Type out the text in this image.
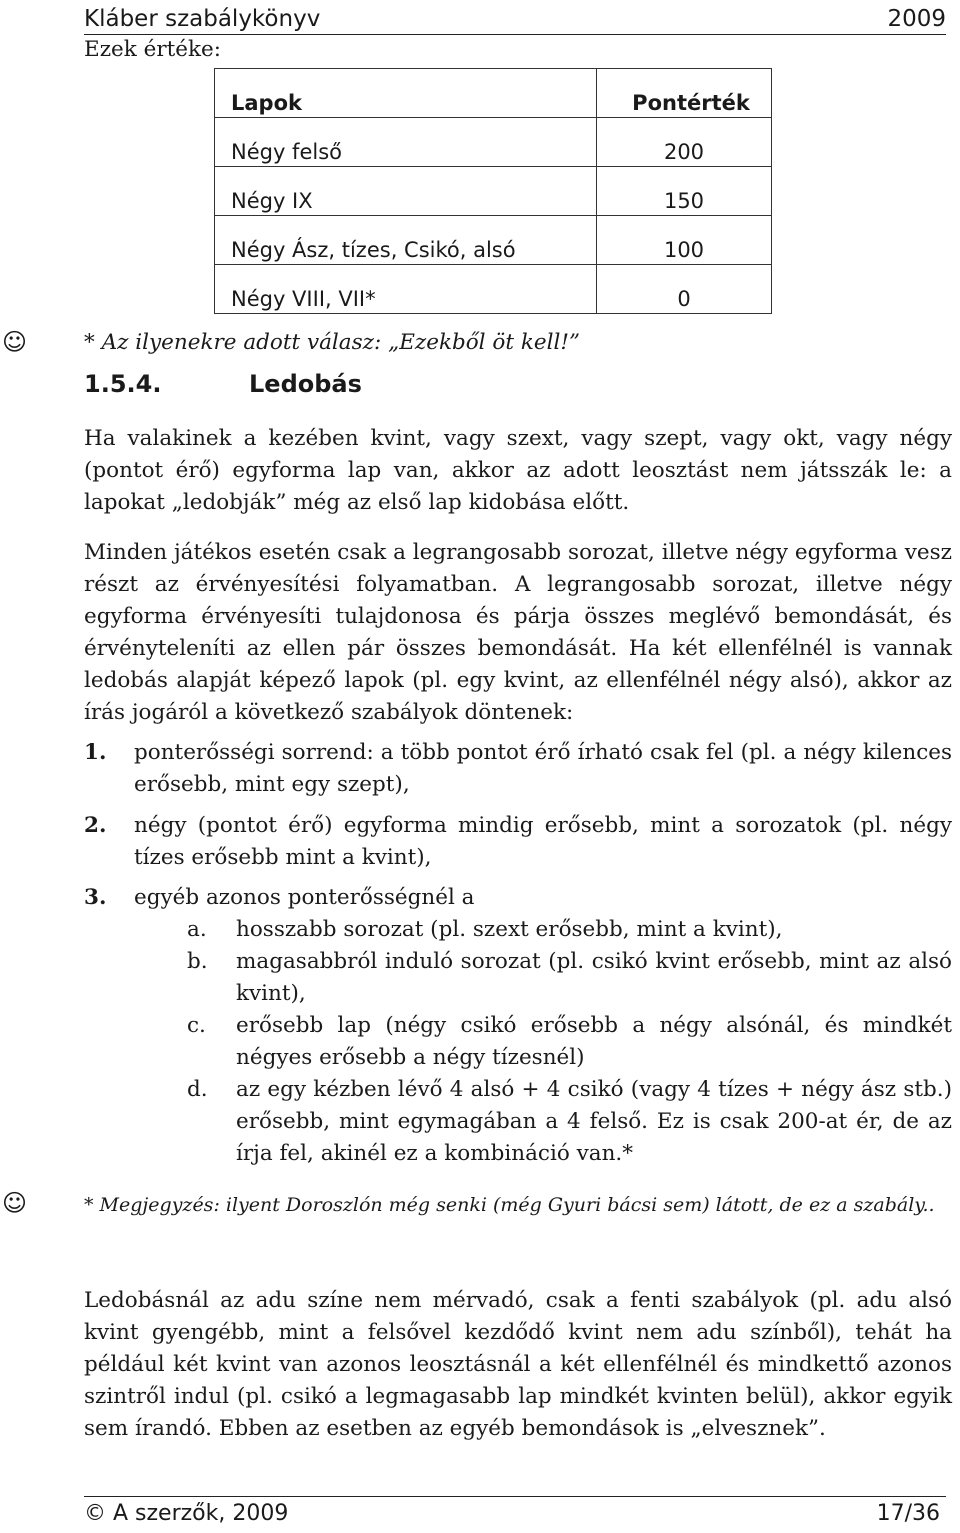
Kláber szabálykönyv	2009
Ezek értéke:
Lapok	Pontérték
Négy felső	200
Négy IX	150
Négy Ász, tízes, Csikó, alsó	100
Négy VIII, VII*	0
☺	* Az ilyenekre adott válasz: „Ezekből öt kell!”
1.5.4.	Ledobás
Ha valakinek a kezében kvint, vagy szext, vagy szept, vagy okt, vagy négy (pontot érő) egyforma lap van, akkor az adott leosztást nem játsszák le: a lapokat „ledobják” még az első lap kidobása előtt.
Minden játékos esetén csak a legrangosabb sorozat, illetve négy egyforma vesz részt az érvényesítési folyamatban. A legrangosabb sorozat, illetve négy egyforma érvényesíti tulajdonosa és párja összes meglévő bemondását, és érvényteleníti az ellen pár összes bemondását. Ha két ellenfélnél is vannak ledobás alapját képező lapok (pl. egy kvint, az ellenfélnél négy alsó), akkor az írás jogáról a következő szabályok döntenek:
1. ponterősségi sorrend: a több pontot érő írható csak fel (pl. a négy kilences erősebb, mint egy szept),
2. négy (pontot érő) egyforma mindig erősebb, mint a sorozatok (pl. négy tízes erősebb mint a kvint),
3. egyéb azonos ponterősségnél a
a. hosszabb sorozat (pl. szext erősebb, mint a kvint),
b. magasabbról induló sorozat (pl. csikó kvint erősebb, mint az alsó kvint),
c. erősebb lap (négy csikó erősebb a négy alsónál, és mindkét négyes erősebb a négy tízesnél)
d. az egy kézben lévő 4 alsó + 4 csikó (vagy 4 tízes + négy ász stb.) erősebb, mint egymagában a 4 felső. Ez is csak 200-at ér, de az írja fel, akinél ez a kombináció van.*
☺	* Megjegyzés: ilyent Doroszlón még senki (még Gyuri bácsi sem) látott, de ez a szabály..
Ledobásnál az adu színe nem mérvadó, csak a fenti szabályok (pl. adu alsó kvint gyengébb, mint a felsővel kezdődő kvint nem adu színből), tehát ha például két kvint van azonos leosztásnál a két ellenfélnél és mindkettő azonos szintről indul (pl. csikó a legmagasabb lap mindkét kvinten belül), akkor egyik sem írandó. Ebben az esetben az egyéb bemondások is „elvesznek”.
© A szerzők, 2009	17/36
